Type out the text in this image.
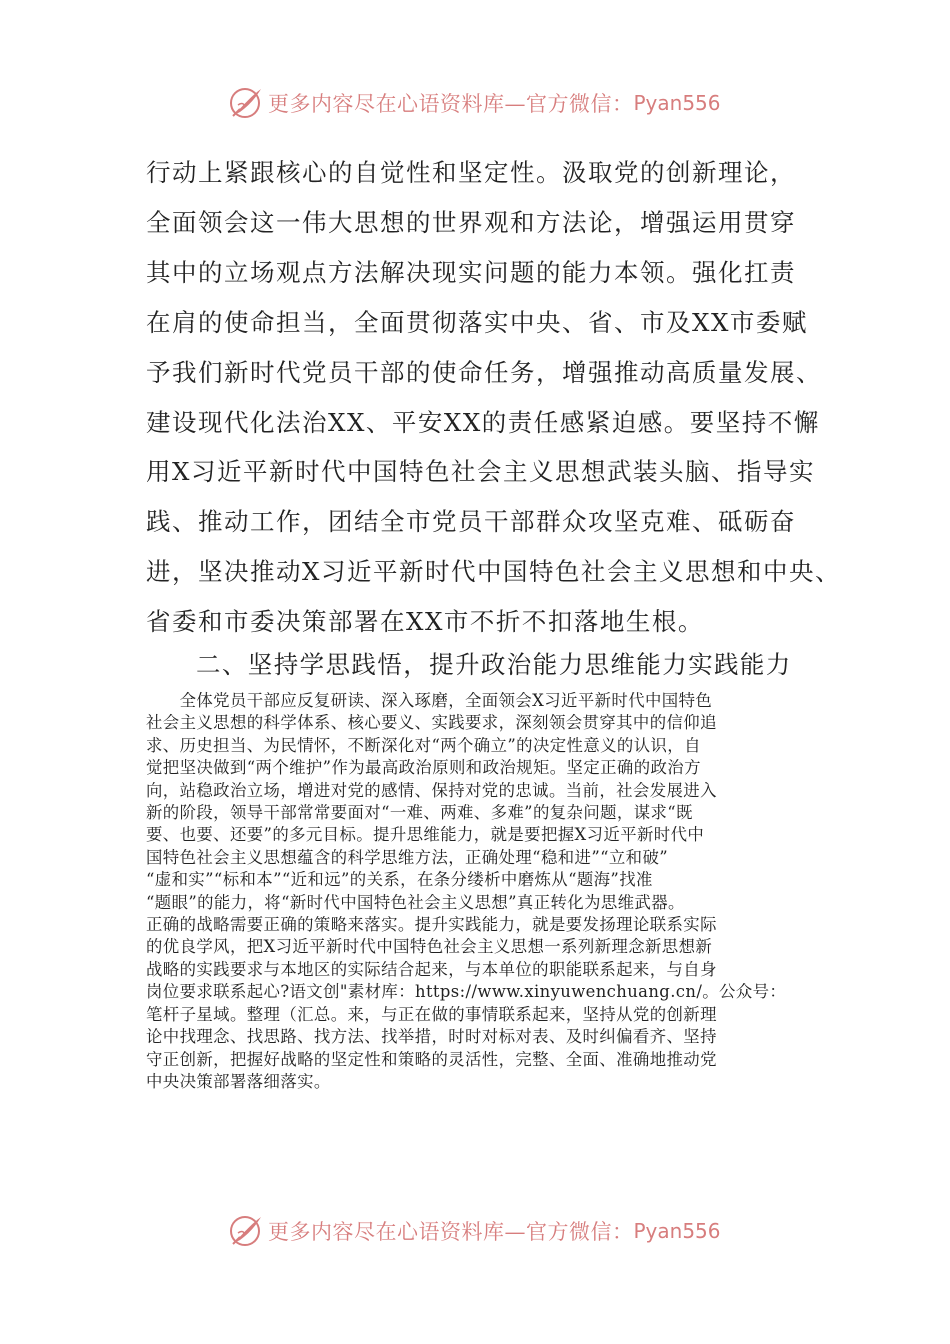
更多内容尽在心语资料库—官方微信： Pyan556

行动上紧跟核心的自觉性和坚定性。汲取党的创新理论，
全面领会这一伟大思想的世界观和方法论，增强运用贯穿
其中的立场观点方法解决现实问题的能力本领。强化扛责
在肩的使命担当，全面贯彻落实中央、省、市及XX市委赋
予我们新时代党员干部的使命任务，增强推动高质量发展、
建设现代化法治XX、平安XX的责任感紧迫感。要坚持不懈
用X习近平新时代中国特色社会主义思想武装头脑、指导实
践、推动工作，团结全市党员干部群众攻坚克难、砥砺奋
进，坚决推动X习近平新时代中国特色社会主义思想和中央、
省委和市委决策部署在XX市不折不扣落地生根。

二、坚持学思践悟，提升政治能力思维能力实践能力

　　全体党员干部应反复研读、深入琢磨，全面领会X习近平新时代中国特色
社会主义思想的科学体系、核心要义、实践要求，深刻领会贯穿其中的信仰追
求、历史担当、为民情怀，不断深化对“两个确立”的决定性意义的认识，自
觉把坚决做到“两个维护”作为最高政治原则和政治规矩。坚定正确的政治方
向，站稳政治立场，增进对党的感情、保持对党的忠诚。当前，社会发展进入
新的阶段，领导干部常常要面对“一难、两难、多难”的复杂问题，谋求“既
要、也要、还要”的多元目标。提升思维能力，就是要把握X习近平新时代中
国特色社会主义思想蕴含的科学思维方法，正确处理“稳和进”“立和破”
“虚和实”“标和本”“近和远”的关系，在条分缕析中磨炼从“题海”找准
“题眼”的能力，将“新时代中国特色社会主义思想”真正转化为思维武器。
正确的战略需要正确的策略来落实。提升实践能力，就是要发扬理论联系实际
的优良学风，把X习近平新时代中国特色社会主义思想一系列新理念新思想新
战略的实践要求与本地区的实际结合起来，与本单位的职能联系起来，与自身
岗位要求联系起心?语文创"素材库：https://www.xinyuwenchuang.cn/。公众号：
笔杆子星域。整理（汇总。来，与正在做的事情联系起来，坚持从党的创新理
论中找理念、找思路、找方法、找举措，时时对标对表、及时纠偏看齐、坚持
守正创新，把握好战略的坚定性和策略的灵活性，完整、全面、准确地推动党
中央决策部署落细落实。

更多内容尽在心语资料库—官方微信： Pyan556
